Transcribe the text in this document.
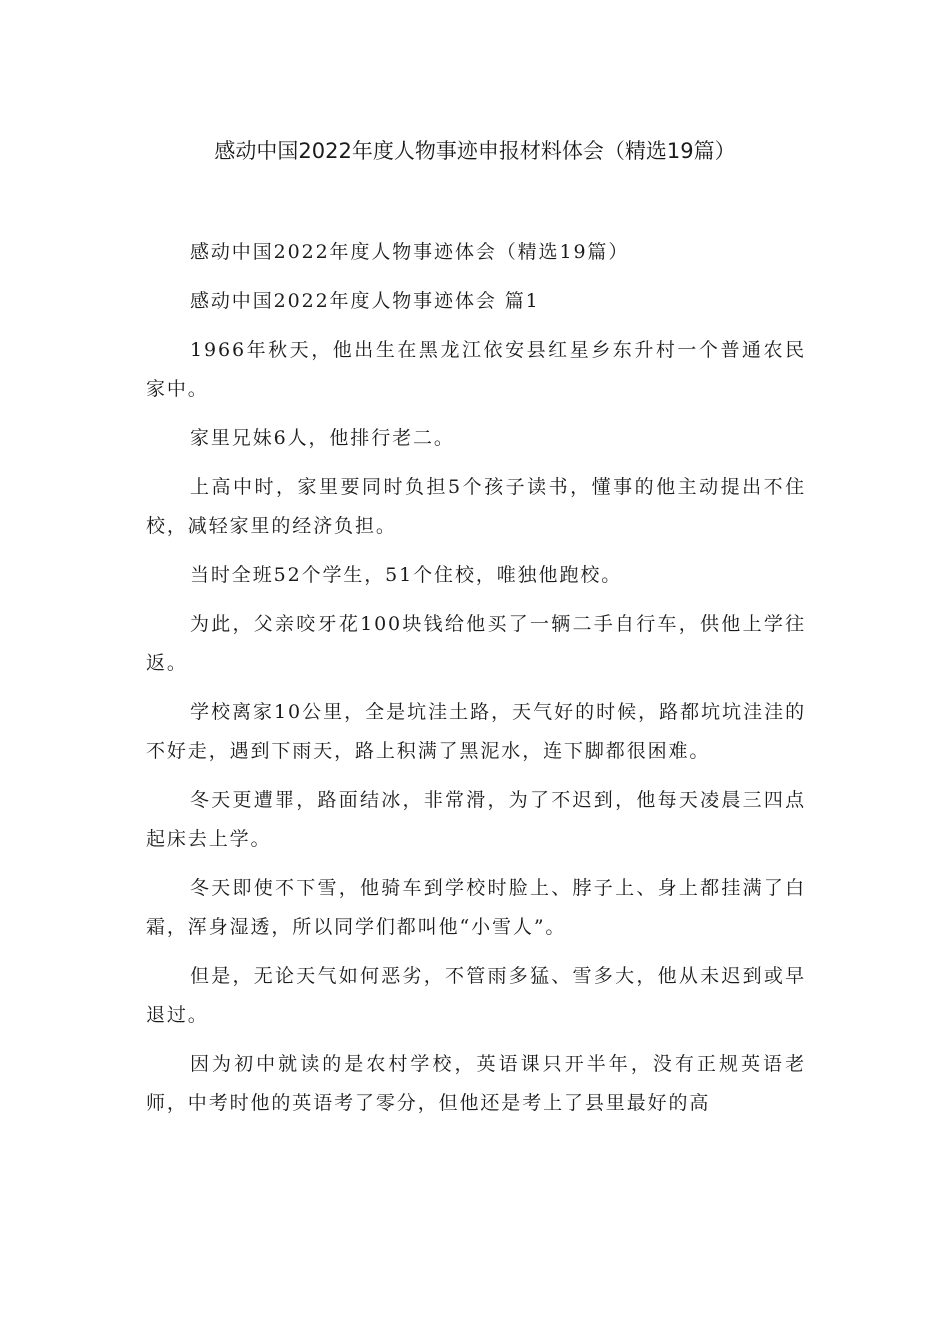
感动中国2022年度人物事迹申报材料体会（精选19篇）

感动中国2022年度人物事迹体会（精选19篇）

感动中国2022年度人物事迹体会 篇1

1966年秋天，他出生在黑龙江依安县红星乡东升村一个普通农民家中。

家里兄妹6人，他排行老二。

上高中时，家里要同时负担5个孩子读书，懂事的他主动提出不住校，减轻家里的经济负担。

当时全班52个学生，51个住校，唯独他跑校。

为此，父亲咬牙花100块钱给他买了一辆二手自行车，供他上学往返。

学校离家10公里，全是坑洼土路，天气好的时候，路都坑坑洼洼的不好走，遇到下雨天，路上积满了黑泥水，连下脚都很困难。

冬天更遭罪，路面结冰，非常滑，为了不迟到，他每天凌晨三四点起床去上学。

冬天即使不下雪，他骑车到学校时脸上、脖子上、身上都挂满了白霜，浑身湿透，所以同学们都叫他“小雪人”。

但是，无论天气如何恶劣，不管雨多猛、雪多大，他从未迟到或早退过。

因为初中就读的是农村学校，英语课只开半年，没有正规英语老师，中考时他的英语考了零分，但他还是考上了县里最好的高
